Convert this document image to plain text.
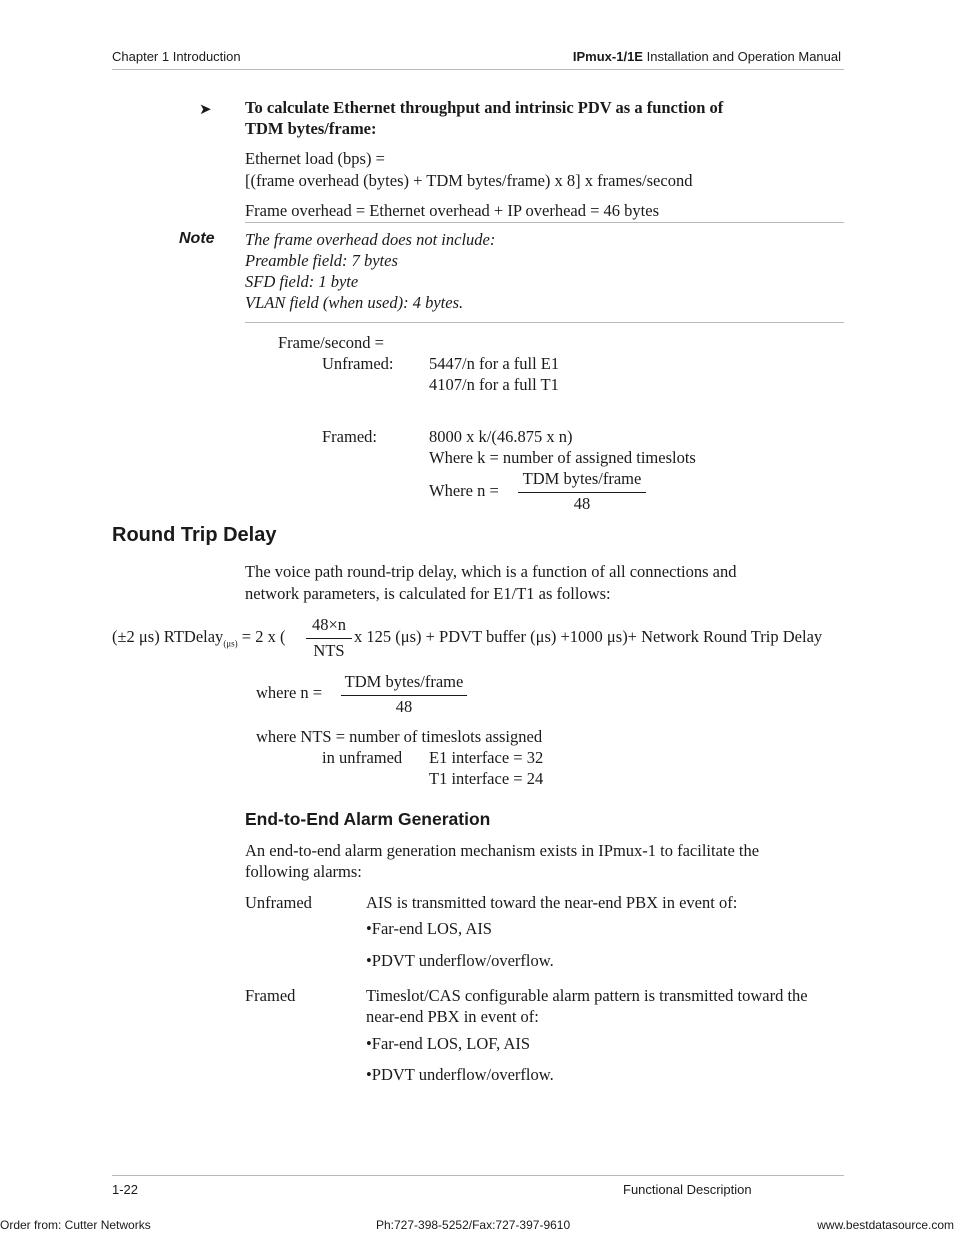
Chapter 1 Introduction	IPmux-1/1E Installation and Operation Manual
➤ To calculate Ethernet throughput and intrinsic PDV as a function of
TDM bytes/frame:
Ethernet load (bps) =
[(frame overhead (bytes) + TDM bytes/frame) x 8] x frames/second
Frame overhead = Ethernet overhead + IP overhead = 46 bytes
Note The frame overhead does not include:
Preamble field: 7 bytes
SFD field: 1 byte
VLAN field (when used): 4 bytes.
Frame/second =
Unframed: 5447/n for a full E1
4107/n for a full T1
Framed:	8000 x k/(46.875 x n)
Where k = number of assigned timeslots
Where n =
TDM bytes/frame
48
Round Trip Delay
The voice path round-trip delay, which is a function of all connections and
network parameters, is calculated for E1/T1 as follows:
(±2 μs) RTDelay$_{(\mu s)}$ = 2 x (
48×n
NTS
x 125 (μs) + PDVT buffer (μs) +1000 μs)+ Network Round Trip Delay
where n =
TDM bytes/frame
48
where NTS = number of timeslots assigned
in unframed E1 interface = 32
T1 interface = 24
End-to-End Alarm Generation
An end-to-end alarm generation mechanism exists in IPmux-1 to facilitate the
following alarms:
Unframed	AIS is transmitted toward the near-end PBX in event of:
•Far-end LOS, AIS
•PDVT underflow/overflow.
Framed	Timeslot/CAS configurable alarm pattern is transmitted toward the
near-end PBX in event of:
•Far-end LOS, LOF, AIS
•PDVT underflow/overflow.
1-22	Functional Description
Order from: Cutter Networks	Ph:727-398-5252/Fax:727-397-9610	www.bestdatasource.com
